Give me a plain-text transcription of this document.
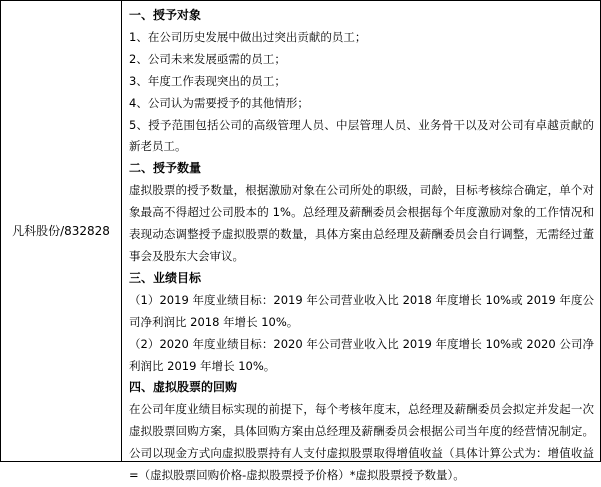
凡科股份/832828

一、授予对象

1、在公司历史发展中做出过突出贡献的员工；

2、公司未来发展亟需的员工；

3、年度工作表现突出的员工；

4、公司认为需要授予的其他情形；

5、授予范围包括公司的高级管理人员、中层管理人员、业务骨干以及对公司有卓越贡献的新老员工。

二、授予数量

虚拟股票的授予数量，根据激励对象在公司所处的职级，司龄，目标考核综合确定，单个对象最高不得超过公司股本的 1%。总经理及薪酬委员会根据每个年度激励对象的工作情况和表现动态调整授予虚拟股票的数量，具体方案由总经理及薪酬委员会自行调整，无需经过董事会及股东大会审议。

三、业绩目标

（1）2019 年度业绩目标：2019 年公司营业收入比 2018 年度增长 10%或 2019 年度公司净利润比 2018 年增长 10%。

（2）2020 年度业绩目标：2020 年公司营业收入比 2019 年度增长 10%或 2020 公司净利润比 2019 年增长 10%。

四、虚拟股票的回购

在公司年度业绩目标实现的前提下，每个考核年度末，总经理及薪酬委员会拟定并发起一次虚拟股票回购方案，具体回购方案由总经理及薪酬委员会根据公司当年度的经营情况制定。公司以现金方式向虚拟股票持有人支付虚拟股票取得增值收益（具体计算公式为：增值收益=（虚拟股票回购价格-虚拟股票授予价格）*虚拟股票授予数量）。
